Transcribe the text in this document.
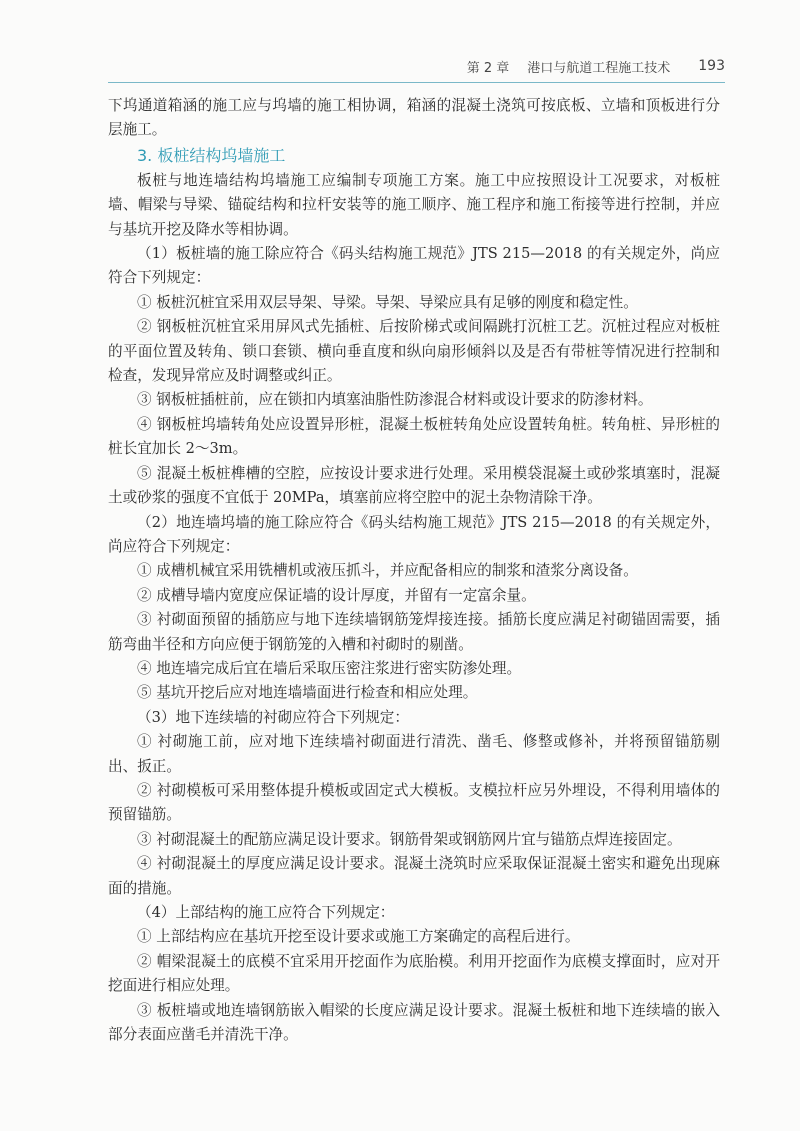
第 2 章 港口与航道工程施工技术 193

下坞通道箱涵的施工应与坞墙的施工相协调，箱涵的混凝土浇筑可按底板、立墙和顶板进行分层施工。

3. 板桩结构坞墙施工

板桩与地连墙结构坞墙施工应编制专项施工方案。施工中应按照设计工况要求，对板桩墙、帽梁与导梁、锚碇结构和拉杆安装等的施工顺序、施工程序和施工衔接等进行控制，并应与基坑开挖及降水等相协调。

（1）板桩墙的施工除应符合《码头结构施工规范》JTS 215—2018 的有关规定外，尚应符合下列规定：

① 板桩沉桩宜采用双层导架、导梁。导架、导梁应具有足够的刚度和稳定性。

② 钢板桩沉桩宜采用屏风式先插桩、后按阶梯式或间隔跳打沉桩工艺。沉桩过程应对板桩的平面位置及转角、锁口套锁、横向垂直度和纵向扇形倾斜以及是否有带桩等情况进行控制和检查，发现异常应及时调整或纠正。

③ 钢板桩插桩前，应在锁扣内填塞油脂性防渗混合材料或设计要求的防渗材料。

④ 钢板桩坞墙转角处应设置异形桩，混凝土板桩转角处应设置转角桩。转角桩、异形桩的桩长宜加长 2～3m。

⑤ 混凝土板桩榫槽的空腔，应按设计要求进行处理。采用模袋混凝土或砂浆填塞时，混凝土或砂浆的强度不宜低于 20MPa，填塞前应将空腔中的泥土杂物清除干净。

（2）地连墙坞墙的施工除应符合《码头结构施工规范》JTS 215—2018 的有关规定外，尚应符合下列规定：

① 成槽机械宜采用铣槽机或液压抓斗，并应配备相应的制浆和渣浆分离设备。

② 成槽导墙内宽度应保证墙的设计厚度，并留有一定富余量。

③ 衬砌面预留的插筋应与地下连续墙钢筋笼焊接连接。插筋长度应满足衬砌锚固需要，插筋弯曲半径和方向应便于钢筋笼的入槽和衬砌时的剔凿。

④ 地连墙完成后宜在墙后采取压密注浆进行密实防渗处理。

⑤ 基坑开挖后应对地连墙墙面进行检查和相应处理。

（3）地下连续墙的衬砌应符合下列规定：

① 衬砌施工前，应对地下连续墙衬砌面进行清洗、凿毛、修整或修补，并将预留锚筋剔出、扳正。

② 衬砌模板可采用整体提升模板或固定式大模板。支模拉杆应另外埋设，不得利用墙体的预留锚筋。

③ 衬砌混凝土的配筋应满足设计要求。钢筋骨架或钢筋网片宜与锚筋点焊连接固定。

④ 衬砌混凝土的厚度应满足设计要求。混凝土浇筑时应采取保证混凝土密实和避免出现麻面的措施。

（4）上部结构的施工应符合下列规定：

① 上部结构应在基坑开挖至设计要求或施工方案确定的高程后进行。

② 帽梁混凝土的底模不宜采用开挖面作为底胎模。利用开挖面作为底模支撑面时，应对开挖面进行相应处理。

③ 板桩墙或地连墙钢筋嵌入帽梁的长度应满足设计要求。混凝土板桩和地下连续墙的嵌入部分表面应凿毛并清洗干净。
